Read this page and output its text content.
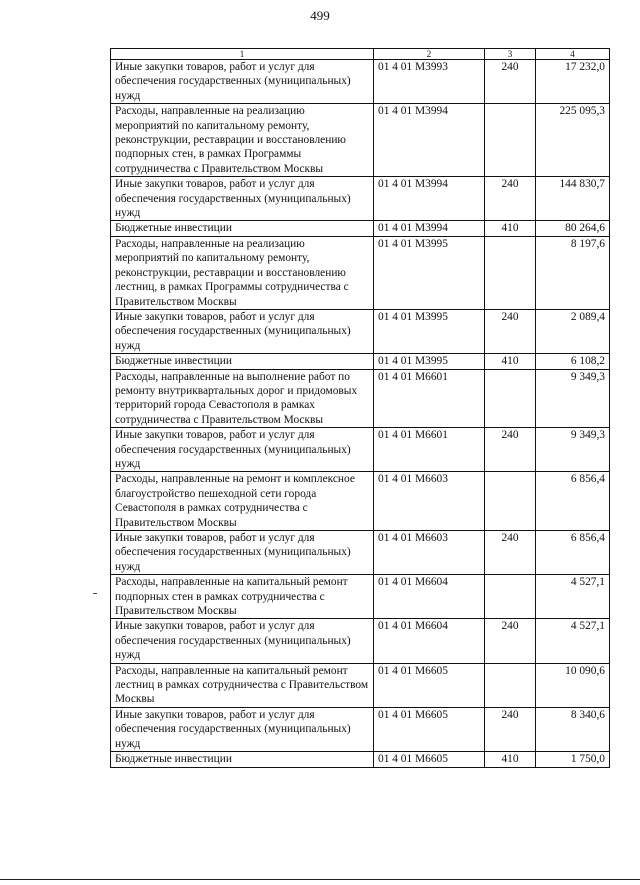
499
1	2	3	4
Иные закупки товаров, работ и услуг для обеспечения государственных (муниципальных) нужд	01 4 01 М3993	240	17 232,0
Расходы, направленные на реализацию мероприятий по капитальному ремонту, реконструкции, реставрации и восстановлению подпорных стен, в рамках Программы сотрудничества с Правительством Москвы	01 4 01 М3994		225 095,3
Иные закупки товаров, работ и услуг для обеспечения государственных (муниципальных) нужд	01 4 01 М3994	240	144 830,7
Бюджетные инвестиции	01 4 01 М3994	410	80 264,6
Расходы, направленные на реализацию мероприятий по капитальному ремонту, реконструкции, реставрации и восстановлению лестниц, в рамках Программы сотрудничества с Правительством Москвы	01 4 01 М3995		8 197,6
Иные закупки товаров, работ и услуг для обеспечения государственных (муниципальных) нужд	01 4 01 М3995	240	2 089,4
Бюджетные инвестиции	01 4 01 М3995	410	6 108,2
Расходы, направленные на выполнение работ по ремонту внутриквартальных дорог и придомовых территорий города Севастополя в рамках сотрудничества с Правительством Москвы	01 4 01 М6601		9 349,3
Иные закупки товаров, работ и услуг для обеспечения государственных (муниципальных) нужд	01 4 01 М6601	240	9 349,3
Расходы, направленные на ремонт и комплексное благоустройство пешеходной сети города Севастополя в рамках сотрудничества с Правительством Москвы	01 4 01 М6603		6 856,4
Иные закупки товаров, работ и услуг для обеспечения государственных (муниципальных) нужд	01 4 01 М6603	240	6 856,4
Расходы, направленные на капитальный ремонт подпорных стен в рамках сотрудничества с Правительством Москвы	01 4 01 М6604		4 527,1
Иные закупки товаров, работ и услуг для обеспечения государственных (муниципальных) нужд	01 4 01 М6604	240	4 527,1
Расходы, направленные на капитальный ремонт лестниц в рамках сотрудничества с Правительством Москвы	01 4 01 М6605		10 090,6
Иные закупки товаров, работ и услуг для обеспечения государственных (муниципальных) нужд	01 4 01 М6605	240	8 340,6
Бюджетные инвестиции	01 4 01 М6605	410	1 750,0
